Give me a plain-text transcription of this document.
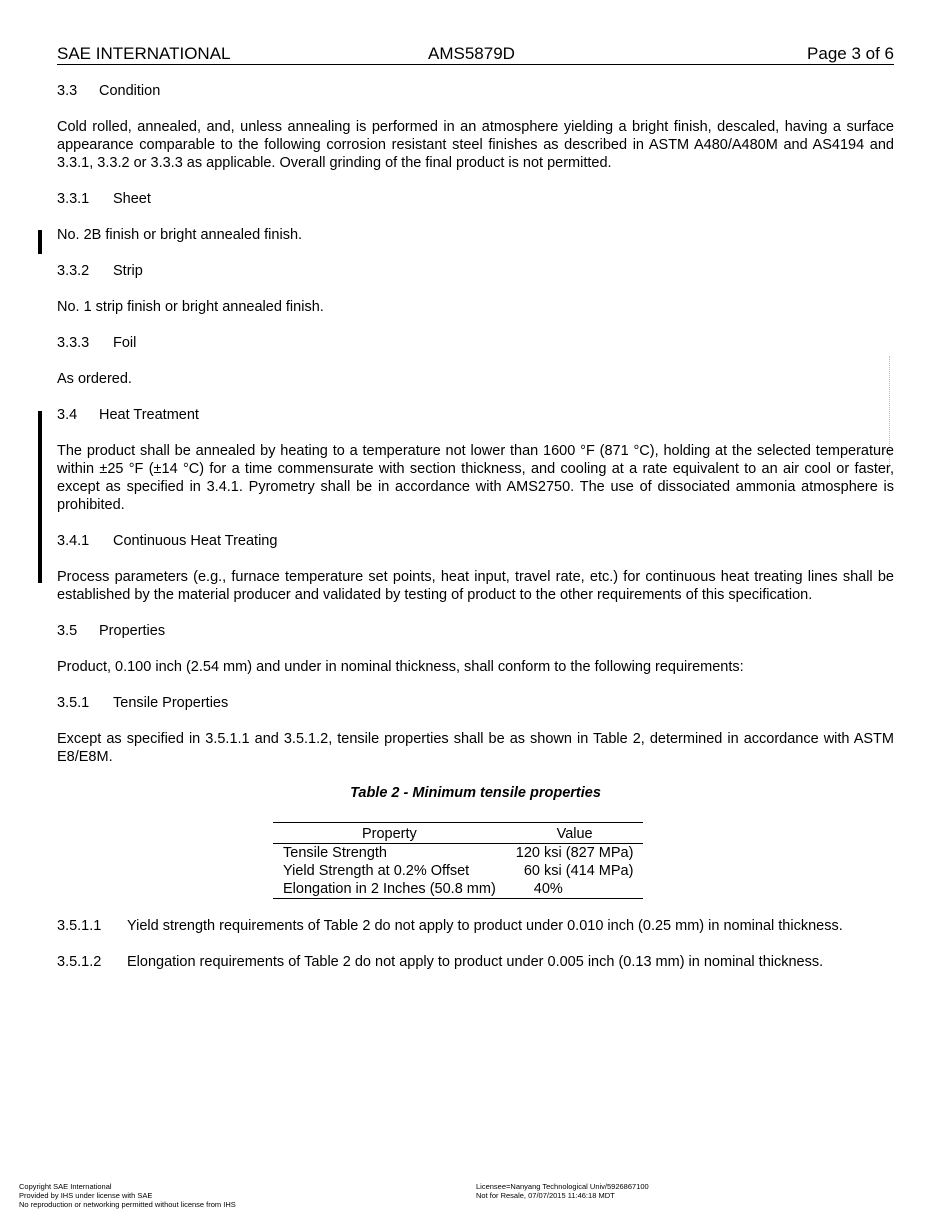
SAE INTERNATIONAL	AMS5879D	Page 3 of 6
3.3 Condition

Cold rolled, annealed, and, unless annealing is performed in an atmosphere yielding a bright finish, descaled, having a surface appearance comparable to the following corrosion resistant steel finishes as described in ASTM A480/A480M and AS4194 and 3.3.1, 3.3.2 or 3.3.3 as applicable. Overall grinding of the final product is not permitted.

3.3.1 Sheet

No. 2B finish or bright annealed finish.

3.3.2 Strip

No. 1 strip finish or bright annealed finish.

3.3.3 Foil

As ordered.

3.4 Heat Treatment

The product shall be annealed by heating to a temperature not lower than 1600 °F (871 °C), holding at the selected temperature within ±25 °F (±14 °C) for a time commensurate with section thickness, and cooling at a rate equivalent to an air cool or faster, except as specified in 3.4.1. Pyrometry shall be in accordance with AMS2750. The use of dissociated ammonia atmosphere is prohibited.

3.4.1 Continuous Heat Treating

Process parameters (e.g., furnace temperature set points, heat input, travel rate, etc.) for continuous heat treating lines shall be established by the material producer and validated by testing of product to the other requirements of this specification.

3.5 Properties

Product, 0.100 inch (2.54 mm) and under in nominal thickness, shall conform to the following requirements:

3.5.1 Tensile Properties

Except as specified in 3.5.1.1 and 3.5.1.2, tensile properties shall be as shown in Table 2, determined in accordance with ASTM E8/E8M.

Table 2 - Minimum tensile properties

Property	Value
Tensile Strength	120 ksi (827 MPa)
Yield Strength at 0.2% Offset	60 ksi (414 MPa)
Elongation in 2 Inches (50.8 mm)	40%
3.5.1.1 Yield strength requirements of Table 2 do not apply to product under 0.010 inch (0.25 mm) in nominal thickness.
3.5.1.2 Elongation requirements of Table 2 do not apply to product under 0.005 inch (0.13 mm) in nominal thickness.
Copyright SAE International
Provided by IHS under license with SAE
No reproduction or networking permitted without license from IHS
Licensee=Nanyang Technological Univ/5926867100
Not for Resale, 07/07/2015 11:46:18 MDT
